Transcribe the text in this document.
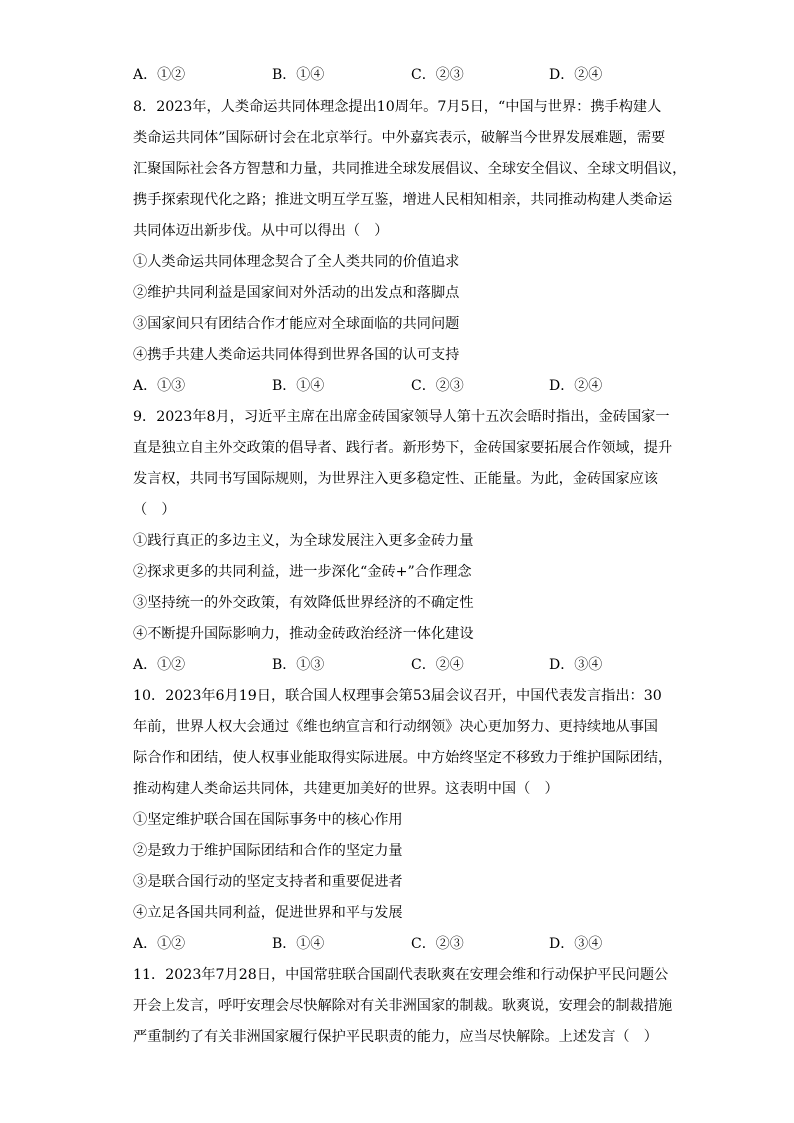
A．①②	B．①④	C．②③	D．②④
8．2023年，人类命运共同体理念提出10周年。7月5日，“中国与世界：携手构建人
类命运共同体”国际研讨会在北京举行。中外嘉宾表示，破解当今世界发展难题，需要
汇聚国际社会各方智慧和力量，共同推进全球发展倡议、全球安全倡议、全球文明倡议，
携手探索现代化之路；推进文明互学互鉴，增进人民相知相亲，共同推动构建人类命运
共同体迈出新步伐。从中可以得出（　）
①人类命运共同体理念契合了全人类共同的价值追求
②维护共同利益是国家间对外活动的出发点和落脚点
③国家间只有团结合作才能应对全球面临的共同问题
④携手共建人类命运共同体得到世界各国的认可支持
A．①③	B．①④	C．②③	D．②④
9．2023年8月，习近平主席在出席金砖国家领导人第十五次会晤时指出，金砖国家一
直是独立自主外交政策的倡导者、践行者。新形势下，金砖国家要拓展合作领域，提升
发言权，共同书写国际规则，为世界注入更多稳定性、正能量。为此，金砖国家应该
（　）
①践行真正的多边主义，为全球发展注入更多金砖力量
②探求更多的共同利益，进一步深化“金砖+”合作理念
③坚持统一的外交政策，有效降低世界经济的不确定性
④不断提升国际影响力，推动金砖政治经济一体化建设
A．①②	B．①③	C．②④	D．③④
10．2023年6月19日，联合国人权理事会第53届会议召开，中国代表发言指出：30
年前，世界人权大会通过《维也纳宣言和行动纲领》决心更加努力、更持续地从事国
际合作和团结，使人权事业能取得实际进展。中方始终坚定不移致力于维护国际团结，
推动构建人类命运共同体，共建更加美好的世界。这表明中国（　）
①坚定维护联合国在国际事务中的核心作用
②是致力于维护国际团结和合作的坚定力量
③是联合国行动的坚定支持者和重要促进者
④立足各国共同利益，促进世界和平与发展
A．①②	B．①④	C．②③	D．③④
11．2023年7月28日，中国常驻联合国副代表耿爽在安理会维和行动保护平民问题公
开会上发言，呼吁安理会尽快解除对有关非洲国家的制裁。耿爽说，安理会的制裁措施
严重制约了有关非洲国家履行保护平民职责的能力，应当尽快解除。上述发言（　）
